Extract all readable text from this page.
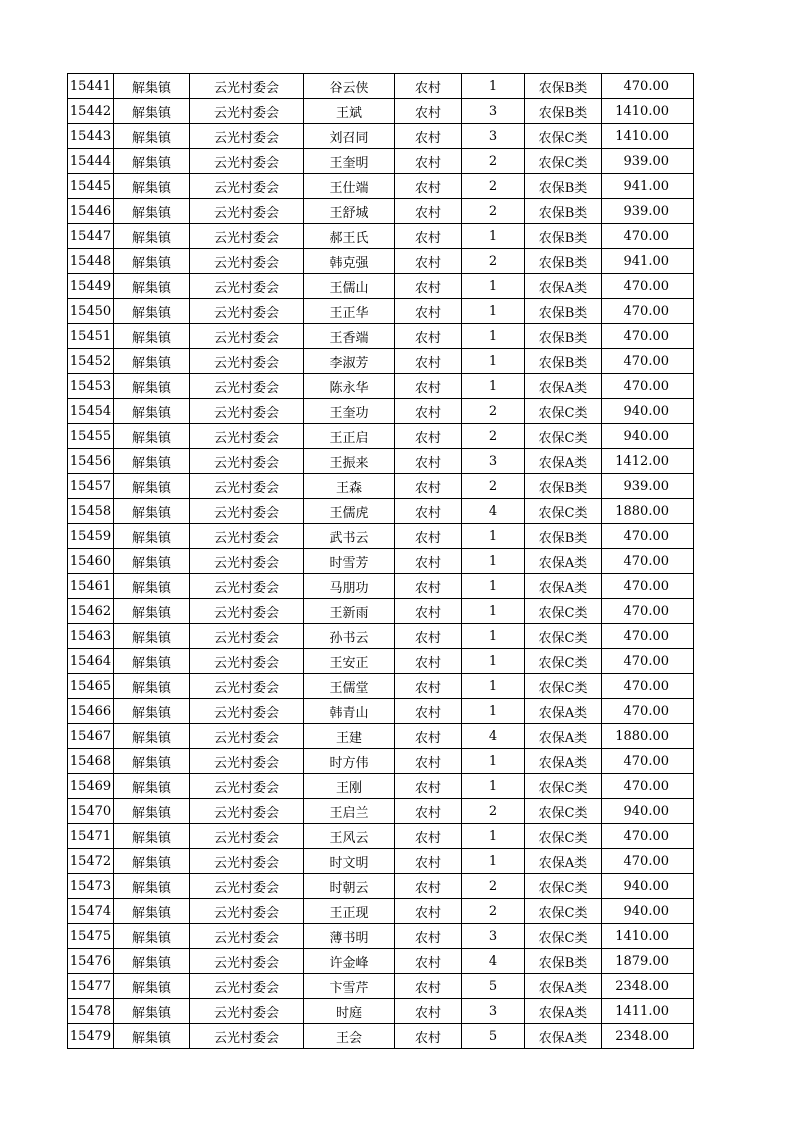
15441	解集镇	云光村委会	谷云侠	农村	1	农保B类	470.00
15442	解集镇	云光村委会	王斌	农村	3	农保B类	1410.00
15443	解集镇	云光村委会	刘召同	农村	3	农保C类	1410.00
15444	解集镇	云光村委会	王奎明	农村	2	农保C类	939.00
15445	解集镇	云光村委会	王仕端	农村	2	农保B类	941.00
15446	解集镇	云光村委会	王舒城	农村	2	农保B类	939.00
15447	解集镇	云光村委会	郝王氏	农村	1	农保B类	470.00
15448	解集镇	云光村委会	韩克强	农村	2	农保B类	941.00
15449	解集镇	云光村委会	王儒山	农村	1	农保A类	470.00
15450	解集镇	云光村委会	王正华	农村	1	农保B类	470.00
15451	解集镇	云光村委会	王香端	农村	1	农保B类	470.00
15452	解集镇	云光村委会	李淑芳	农村	1	农保B类	470.00
15453	解集镇	云光村委会	陈永华	农村	1	农保A类	470.00
15454	解集镇	云光村委会	王奎功	农村	2	农保C类	940.00
15455	解集镇	云光村委会	王正启	农村	2	农保C类	940.00
15456	解集镇	云光村委会	王振来	农村	3	农保A类	1412.00
15457	解集镇	云光村委会	王森	农村	2	农保B类	939.00
15458	解集镇	云光村委会	王儒虎	农村	4	农保C类	1880.00
15459	解集镇	云光村委会	武书云	农村	1	农保B类	470.00
15460	解集镇	云光村委会	时雪芳	农村	1	农保A类	470.00
15461	解集镇	云光村委会	马朋功	农村	1	农保A类	470.00
15462	解集镇	云光村委会	王新雨	农村	1	农保C类	470.00
15463	解集镇	云光村委会	孙书云	农村	1	农保C类	470.00
15464	解集镇	云光村委会	王安正	农村	1	农保C类	470.00
15465	解集镇	云光村委会	王儒堂	农村	1	农保C类	470.00
15466	解集镇	云光村委会	韩青山	农村	1	农保A类	470.00
15467	解集镇	云光村委会	王建	农村	4	农保A类	1880.00
15468	解集镇	云光村委会	时方伟	农村	1	农保A类	470.00
15469	解集镇	云光村委会	王刚	农村	1	农保C类	470.00
15470	解集镇	云光村委会	王启兰	农村	2	农保C类	940.00
15471	解集镇	云光村委会	王风云	农村	1	农保C类	470.00
15472	解集镇	云光村委会	时文明	农村	1	农保A类	470.00
15473	解集镇	云光村委会	时朝云	农村	2	农保C类	940.00
15474	解集镇	云光村委会	王正现	农村	2	农保C类	940.00
15475	解集镇	云光村委会	薄书明	农村	3	农保C类	1410.00
15476	解集镇	云光村委会	许金峰	农村	4	农保B类	1879.00
15477	解集镇	云光村委会	卞雪芹	农村	5	农保A类	2348.00
15478	解集镇	云光村委会	时庭	农村	3	农保A类	1411.00
15479	解集镇	云光村委会	王会	农村	5	农保A类	2348.00
